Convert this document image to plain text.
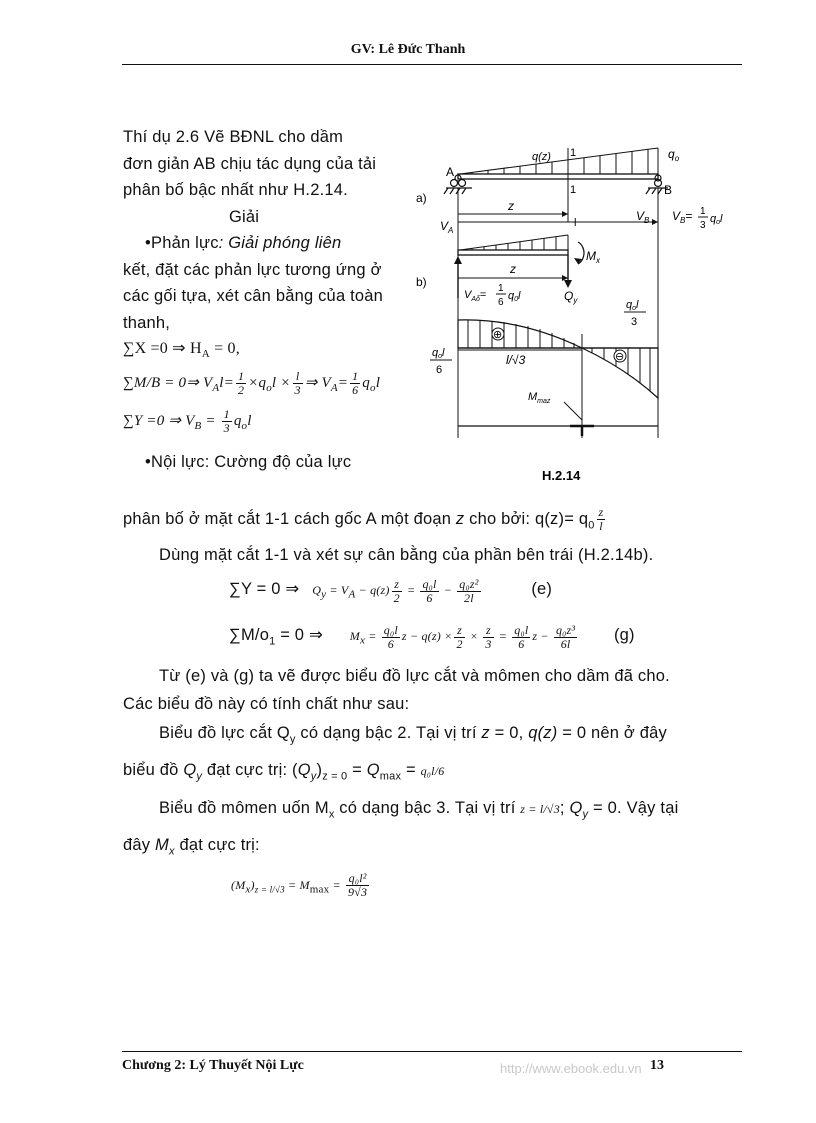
GV: Lê Đức Thanh
Thí dụ 2.6 Vẽ BĐNL cho dầm
đơn giản AB chịu tác dụng của tải
phân bố bậc nhất như H.2.14.
Giải
•Phản lực: Giải phóng liên
kết, đặt các phản lực tương ứng ở
các gối tựa, xét cân bằng của toàn
thanh,
∑X =0 ⇒ $H_A = 0$,
∑M/B = 0⇒ $V_Al= \frac{1}{2} \times q_ol \times \frac{l}{3}$ ⇒ $V_A= \frac{1}{6} q_ol$
∑Y =0 ⇒ $V_B = \frac{1}{3} q_ol$
•Nội lực: Cường độ của lực
a)
1
1
q(z)	$q_o$
A
B
z
l
$V_A$
$V_B$ $V_B= 1$
3
qol
b)
$M_x$
z
$V_{A\delta}=$
1
6
q0l	$Q_y$
⊕
⊖
l/√3
qol
3
qol
6
$M_{maz}$
H.2.14
phân bố ở mặt cắt 1-1 cách gốc A một đoạn z cho bởi: $q(z)= q_0 \frac{z}{l}$
Dùng mặt cắt 1-1 và xét sự cân bằng của phần bên trái (H.2.14b).
∑Y = 0 ⇒ $Q_y = V_A - q(z) \frac{z}{2} = \frac{\text{q₀l}}{6} - \frac{\text{q₀z²}}{2l}$	(e)
$\sum M/o_1 = 0$ ⇒ $M_x = \frac{\text{q₀l}}{6}$ $z - q(z) \times \frac{z}{2} \times \frac{z}{3} = \frac{\text{q₀l}}{6}$ $z - \frac{\text{q₀z³}}{6l} (g)$
Từ (e) và (g) ta vẽ được biểu đồ lực cắt và mômen cho dầm đã cho.
Các biểu đồ này có tính chất như sau:
Biểu đồ lực cắt $Q_y$ có dạng bậc 2. Tại vị trí z = 0, q(z) = 0 nên ở đây
biểu đồ $Q_y$ đạt cực trị: $(Q_y)_{z = 0} = Q_{max} = q_0l/6$
Biểu đồ mômen uốn $M_x$ có dạng bậc 3. Tại vị trí z = l/√3; $Q_y = 0$. Vậy tại
đây $M_x$ đạt cực trị:
$(M_x)_{z = l/√3} = M_{max} = \frac{\text{q₀l²}}{9√3}$
Chương 2: Lý Thuyết Nội Lực	http://www.ebook.edu.vn 13
